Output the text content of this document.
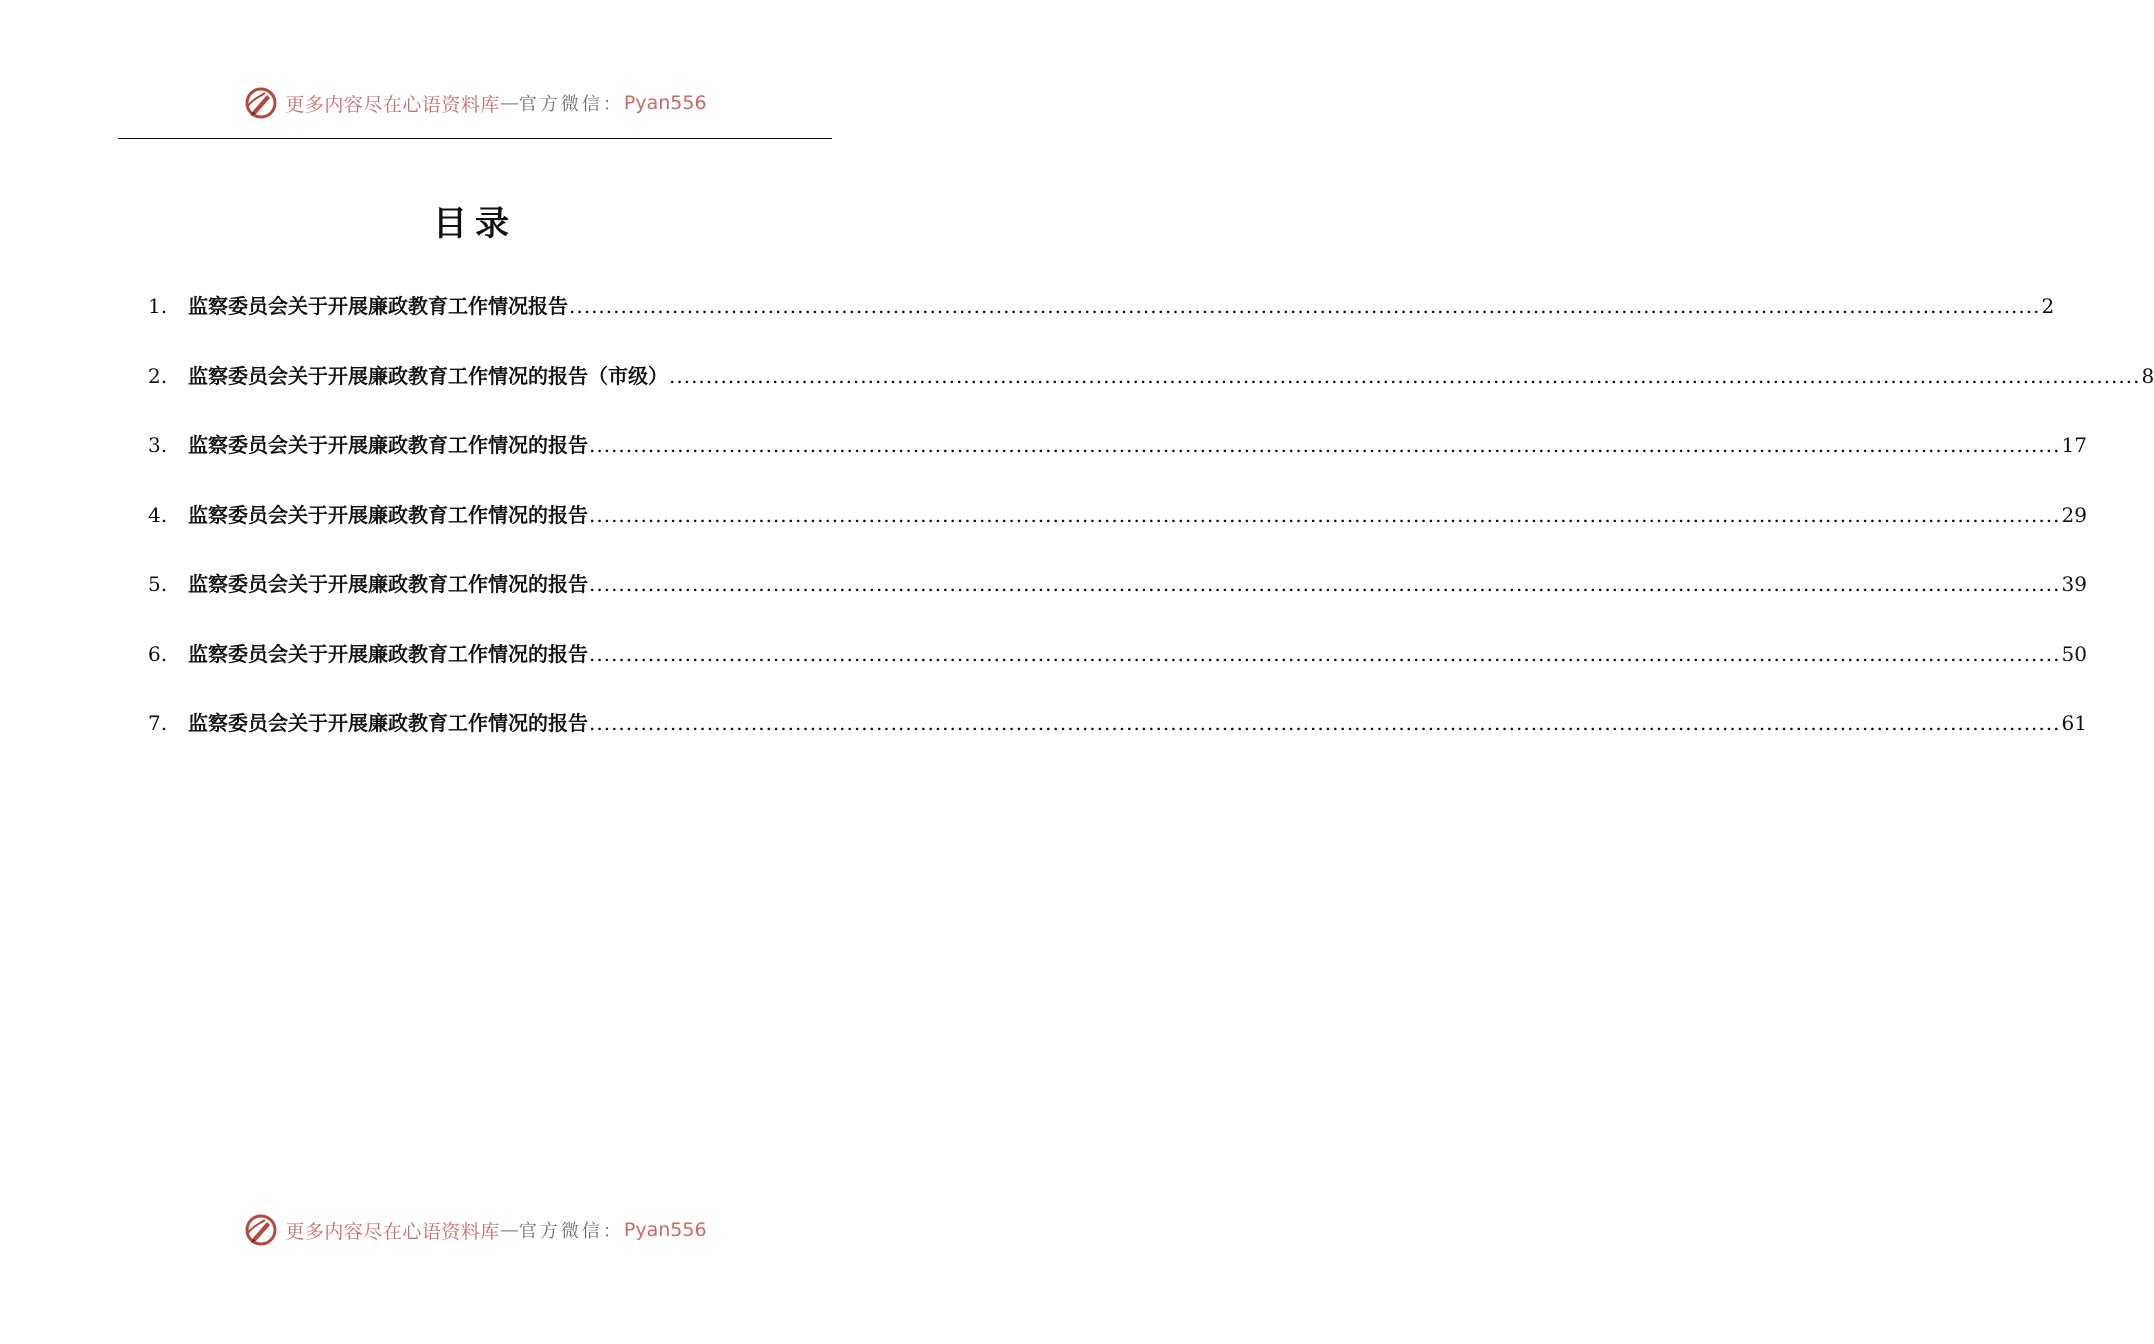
更多内容尽在心语资料库 — 官方微信： Pyan556
目录
1.	监察委员会关于开展廉政教育工作情况报告 ........................................................................................................................................................................................................ 2
2.	监察委员会关于开展廉政教育工作情况的报告（市级） ........................................................................................................................................................................................................ 8
3.	监察委员会关于开展廉政教育工作情况的报告 ........................................................................................................................................................................................................ 17
4.	监察委员会关于开展廉政教育工作情况的报告 ........................................................................................................................................................................................................ 29
5.	监察委员会关于开展廉政教育工作情况的报告 ........................................................................................................................................................................................................ 39
6.	监察委员会关于开展廉政教育工作情况的报告 ........................................................................................................................................................................................................ 50
7.	监察委员会关于开展廉政教育工作情况的报告 ........................................................................................................................................................................................................ 61
更多内容尽在心语资料库 — 官方微信： Pyan556
